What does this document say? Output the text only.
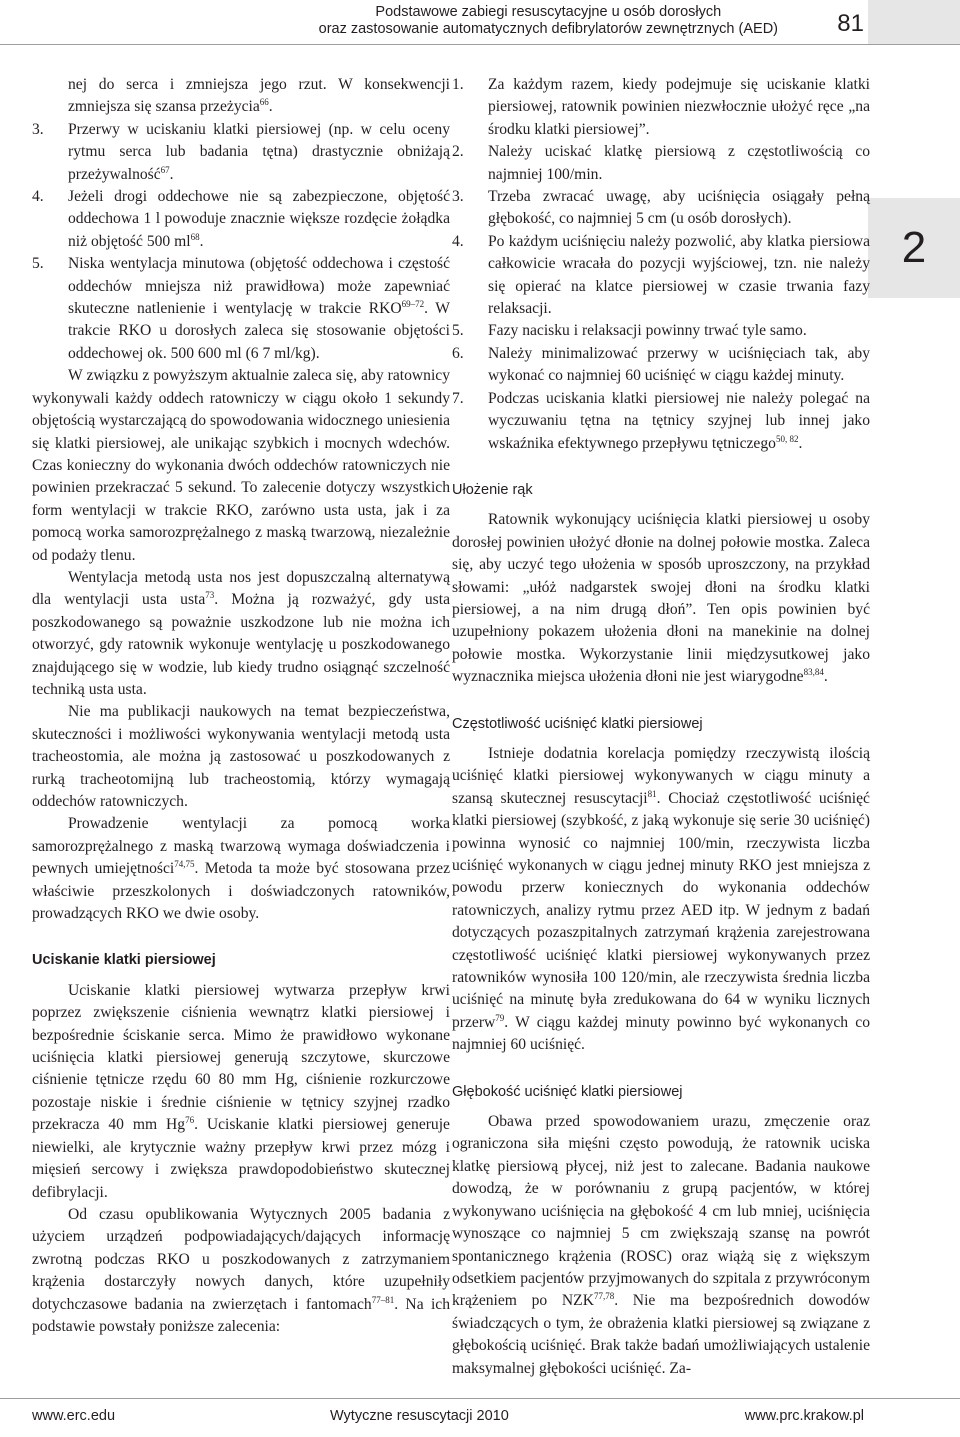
Podstawowe zabiegi resuscytacyjne u osób dorosłych
oraz zastosowanie automatycznych defibrylatorów zewnętrznych (AED) 81
2

nej do serca i zmniejsza jego rzut. W konsekwencji zmniejsza się szansa przeżycia$^{66}$.

3. Przerwy w uciskaniu klatki piersiowej (np. w celu oceny rytmu serca lub badania tętna) drastycznie obniżają przeżywalność$^{67}$.
4. Jeżeli drogi oddechowe nie są zabezpieczone, objętość oddechowa 1 l powoduje znacznie większe rozdęcie żołądka niż objętość 500 $ml^{68}$.
5. Niska wentylacja minutowa (objętość oddechowa i częstość oddechów mniejsza niż prawidłowa) może zapewniać skuteczne natlenienie i wentylację w trakcie RKO$^{69-72}$. W trakcie RKO u dorosłych zaleca się stosowanie objętości oddechowej ok. 500 600 ml (6 7 ml/kg).

W związku z powyższym aktualnie zaleca się, aby ratownicy wykonywali każdy oddech ratowniczy w ciągu około 1 sekundy objętością wystarczającą do spowodowania widocznego uniesienia się klatki piersiowej, ale unikając szybkich i mocnych wdechów. Czas konieczny do wykonania dwóch oddechów ratowniczych nie powinien przekraczać 5 sekund. To zalecenie dotyczy wszystkich form wentylacji w trakcie RKO, zarówno usta usta, jak i za pomocą worka samorozprężalnego z maską twarzową, niezależnie od podaży tlenu.

Wentylacja metodą usta nos jest dopuszczalną alternatywą dla wentylacji usta usta$^{73}$. Można ją rozważyć, gdy usta poszkodowanego są poważnie uszkodzone lub nie można ich otworzyć, gdy ratownik wykonuje wentylację u poszkodowanego znajdującego się w wodzie, lub kiedy trudno osiągnąć szczelność techniką usta usta.

Nie ma publikacji naukowych na temat bezpieczeństwa, skuteczności i możliwości wykonywania wentylacji metodą usta tracheostomia, ale można ją zastosować u poszkodowanych z rurką tracheotomijną lub tracheostomią, którzy wymagają oddechów ratowniczych.

Prowadzenie wentylacji za pomocą worka samorozprężalnego z maską twarzową wymaga doświadczenia i pewnych umiejętności$^{74,75}$. Metoda ta może być stosowana przez właściwie przeszkolonych i doświadczonych ratowników, prowadzących RKO we dwie osoby.

Uciskanie klatki piersiowej

Uciskanie klatki piersiowej wytwarza przepływ krwi poprzez zwiększenie ciśnienia wewnątrz klatki piersiowej i bezpośrednie ściskanie serca. Mimo że prawidłowo wykonane uciśnięcia klatki piersiowej generują szczytowe, skurczowe ciśnienie tętnicze rzędu 60 80 mm Hg, ciśnienie rozkurczowe pozostaje niskie i średnie ciśnienie w tętnicy szyjnej rzadko przekracza 40 mm Hg$^{76}$. Uciskanie klatki piersiowej generuje niewielki, ale krytycznie ważny przepływ krwi przez mózg i mięsień sercowy i zwiększa prawdopodobieństwo skutecznej defibrylacji.

Od czasu opublikowania Wytycznych 2005 badania z użyciem urządzeń podpowiadających/dających informację zwrotną podczas RKO u poszkodowanych z zatrzymaniem krążenia dostarczyły nowych danych, które uzupełniły dotychczasowe badania na zwierzętach i fantomach$^{77-81}$. Na ich podstawie powstały poniższe zalecenia:

1. Za każdym razem, kiedy podejmuje się uciskanie klatki piersiowej, ratownik powinien niezwłocznie ułożyć ręce „na środku klatki piersiowej”.
2. Należy uciskać klatkę piersiową z częstotliwością co najmniej 100/min.
3. Trzeba zwracać uwagę, aby uciśnięcia osiągały pełną głębokość, co najmniej 5 cm (u osób dorosłych).
4. Po każdym uciśnięciu należy pozwolić, aby klatka piersiowa całkowicie wracała do pozycji wyjściowej, tzn. nie należy się opierać na klatce piersiowej w czasie trwania fazy relaksacji.
5. Fazy nacisku i relaksacji powinny trwać tyle samo.
6. Należy minimalizować przerwy w uciśnięciach tak, aby wykonać co najmniej 60 uciśnięć w ciągu każdej minuty.
7. Podczas uciskania klatki piersiowej nie należy polegać na wyczuwaniu tętna na tętnicy szyjnej lub innej jako wskaźnika efektywnego przepływu tętniczego$^{50, 82}$.
Ułożenie rąk

Ratownik wykonujący uciśnięcia klatki piersiowej u osoby dorosłej powinien ułożyć dłonie na dolnej połowie mostka. Zaleca się, aby uczyć tego ułożenia w sposób uproszczony, na przykład słowami: „ułóż nadgarstek swojej dłoni na środku klatki piersiowej, a na nim drugą dłoń”. Ten opis powinien być uzupełniony pokazem ułożenia dłoni na manekinie na dolnej połowie mostka. Wykorzystanie linii międzysutkowej jako wyznacznika miejsca ułożenia dłoni nie jest wiarygodne$^{83,84}$.

Częstotliwość uciśnięć klatki piersiowej

Istnieje dodatnia korelacja pomiędzy rzeczywistą ilością uciśnięć klatki piersiowej wykonywanych w ciągu minuty a szansą skutecznej resuscytacji$^{81}$. Chociaż częstotliwość uciśnięć klatki piersiowej (szybkość, z jaką wykonuje się serie 30 uciśnięć) powinna wynosić co najmniej 100/min, rzeczywista liczba uciśnięć wykonanych w ciągu jednej minuty RKO jest mniejsza z powodu przerw koniecznych do wykonania oddechów ratowniczych, analizy rytmu przez AED itp. W jednym z badań dotyczących pozaszpitalnych zatrzymań krążenia zarejestrowana częstotliwość uciśnięć klatki piersiowej wykonywanych przez ratowników wynosiła 100 120/min, ale rzeczywista średnia liczba uciśnięć na minutę była zredukowana do 64 w wyniku licznych przerw$^{79}$. W ciągu każdej minuty powinno być wykonanych co najmniej 60 uciśnięć.

Głębokość uciśnięć klatki piersiowej

Obawa przed spowodowaniem urazu, zmęczenie oraz ograniczona siła mięśni często powodują, że ratownik uciska klatkę piersiową płycej, niż jest to zalecane. Badania naukowe dowodzą, że w porównaniu z grupą pacjentów, w której wykonywano uciśnięcia na głębokość 4 cm lub mniej, uciśnięcia wynoszące co najmniej 5 cm zwiększają szansę na powrót spontanicznego krążenia (ROSC) oraz wiążą się z większym odsetkiem pacjentów przyjmowanych do szpitala z przywróconym krążeniem po NZK$^{77,78}$. Nie ma bezpośrednich dowodów świadczących o tym, że obrażenia klatki piersiowej są związane z głębokością uciśnięć. Brak także badań umożliwiających ustalenie maksymalnej głębokości uciśnięć. Za-

www.erc.edu	Wytyczne resuscytacji 2010	www.prc.krakow.pl
